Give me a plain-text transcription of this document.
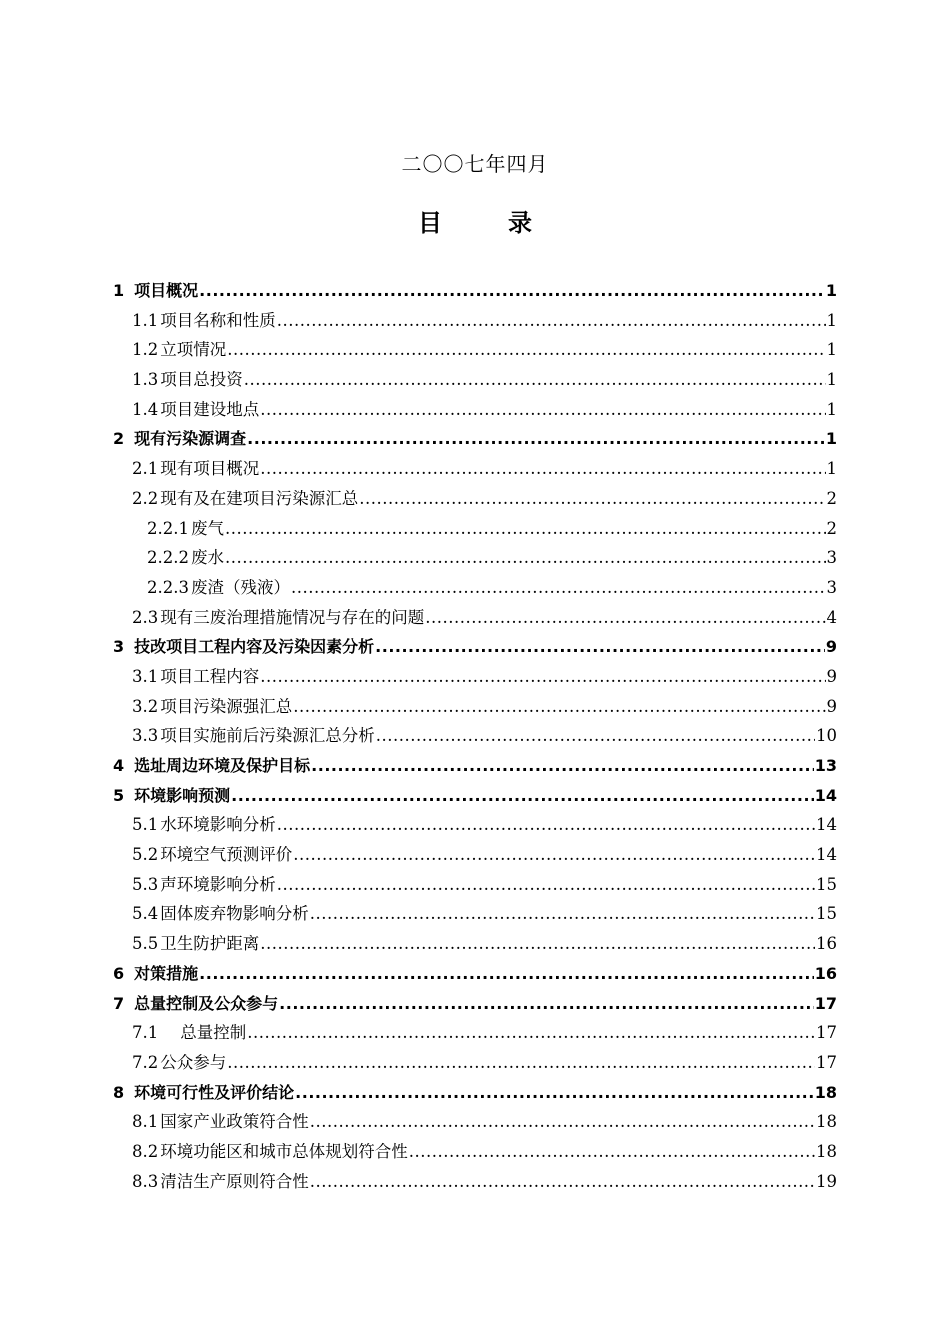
二〇〇七年四月
目	录
1 项目概况 .....	1
1.1 项目名称和性质 .....	1
1.2 立项情况 .....	1
1.3 项目总投资 .....	1
1.4 项目建设地点 .....	1
2 现有污染源调查 .....	1
2.1 现有项目概况 .....	1
2.2 现有及在建项目污染源汇总 .....	2
2.2.1 废气 .....	2
2.2.2 废水 .....	3
2.2.3 废渣（残液） .....	3
2.3 现有三废治理措施情况与存在的问题 .....	4
3 技改项目工程内容及污染因素分析 .....	9
3.1 项目工程内容 .....	9
3.2 项目污染源强汇总 .....	9
3.3 项目实施前后污染源汇总分析 .....	10
4 选址周边环境及保护目标 .....	13
5 环境影响预测 .....	14
5.1 水环境影响分析 .....	14
5.2 环境空气预测评价 .....	14
5.3 声环境影响分析 .....	15
5.4 固体废弃物影响分析 .....	15
5.5 卫生防护距离 .....	16
6 对策措施 .....	16
7 总量控制及公众参与 .....	17
7.1 总量控制 .....	17
7.2 公众参与 .....	17
8 环境可行性及评价结论 .....	18
8.1 国家产业政策符合性 .....	18
8.2 环境功能区和城市总体规划符合性 .....	18
8.3 清洁生产原则符合性 .....	19
